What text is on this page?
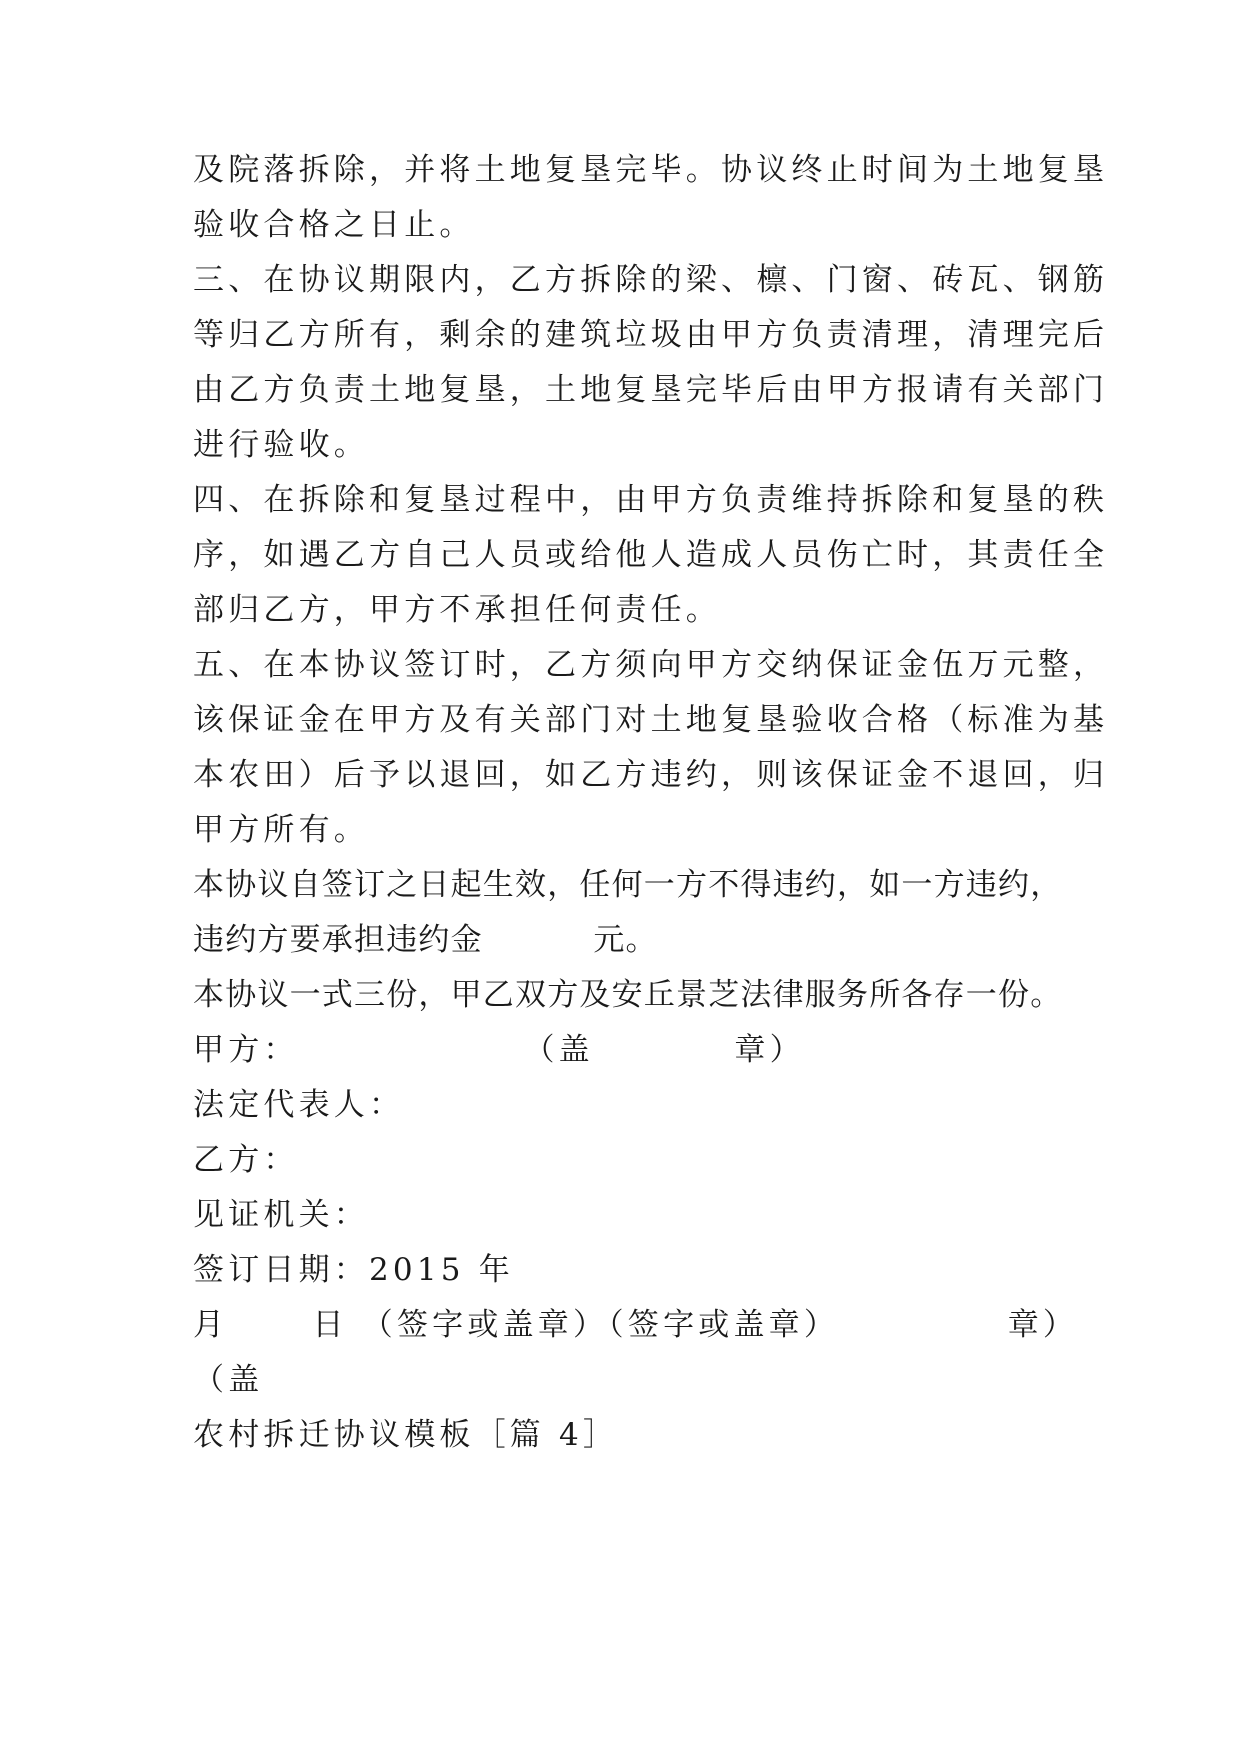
及院落拆除，并将土地复垦完毕。协议终止时间为土地复垦
验收合格之日止。
三、在协议期限内，乙方拆除的梁、檩、门窗、砖瓦、钢筋
等归乙方所有，剩余的建筑垃圾由甲方负责清理，清理完后
由乙方负责土地复垦，土地复垦完毕后由甲方报请有关部门
进行验收。
四、在拆除和复垦过程中，由甲方负责维持拆除和复垦的秩
序，如遇乙方自己人员或给他人造成人员伤亡时，其责任全
部归乙方，甲方不承担任何责任。
五、在本协议签订时，乙方须向甲方交纳保证金伍万元整，
该保证金在甲方及有关部门对土地复垦验收合格（标准为基
本农田）后予以退回，如乙方违约，则该保证金不退回，归
甲方所有。
本协议自签订之日起生效，任何一方不得违约，如一方违约，
违约方要承担违约金          元。
本协议一式三份，甲乙双方及安丘景芝法律服务所各存一份。
甲方：                （盖          章）
法定代表人：
乙方：
见证机关：
签订日期：2015 年
月      日 （签字或盖章）（签字或盖章）            章）
（盖
农村拆迁协议模板［篇 4］
